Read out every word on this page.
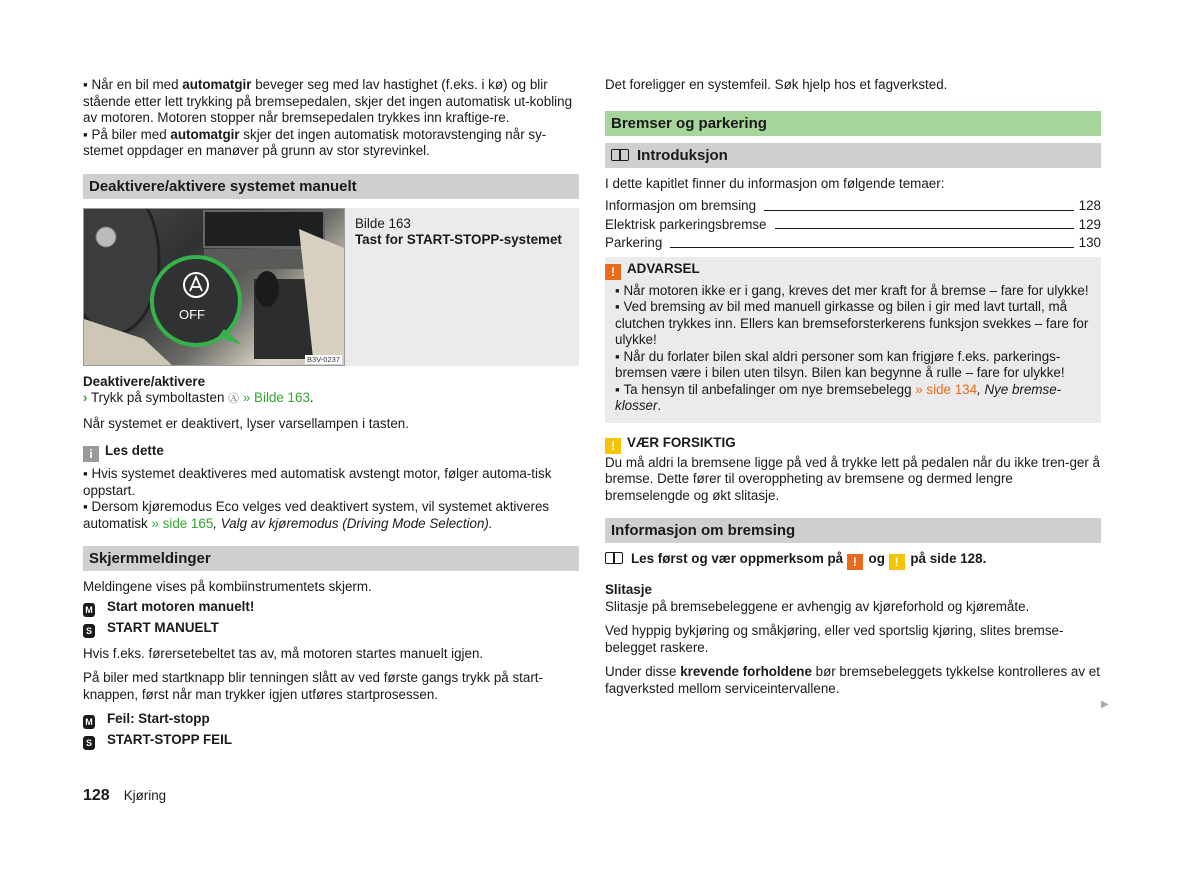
▪ Når en bil med automatgir beveger seg med lav hastighet (f.eks. i kø) og blir stående etter lett trykking på bremsepedalen, skjer det ingen automatisk ut-kobling av motoren. Motoren stopper når bremsepedalen trykkes inn kraftige-re.

▪ På biler med automatgir skjer det ingen automatisk motoravstenging når sy-stemet oppdager en manøver på grunn av stor styrevinkel.

Deaktivere/aktivere systemet manuelt
OFF
B3V-0237
Bilde 163
Tast for START-STOPP-systemet

Deaktivere/aktivere

› Trykk på symboltasten Ⓐ » Bilde 163.

Når systemet er deaktivert, lyser varsellampen i tasten.

i Les dette

▪ Hvis systemet deaktiveres med automatisk avstengt motor, følger automa-tisk oppstart.

▪ Dersom kjøremodus Eco velges ved deaktivert system, vil systemet aktiveres automatisk » side 165, Valg av kjøremodus (Driving Mode Selection).

Skjermmeldinger

Meldingene vises på kombiinstrumentets skjerm.

M Start motoren manuelt!

S START MANUELT

Hvis f.eks. førersetebeltet tas av, må motoren startes manuelt igjen.

På biler med startknapp blir tenningen slått av ved første gangs trykk på start-knappen, først når man trykker igjen utføres startprosessen.

M Feil: Start-stopp

S START-STOPP FEIL

Det foreligger en systemfeil. Søk hjelp hos et fagverksted.

Bremser og parkering
Introduksjon

I dette kapitlet finner du informasjon om følgende temaer:

Informasjon om bremsing	128
Elektrisk parkeringsbremse	129
Parkering	130

! ADVARSEL

▪ Når motoren ikke er i gang, kreves det mer kraft for å bremse – fare for ulykke!

▪ Ved bremsing av bil med manuell girkasse og bilen i gir med lavt turtall, må clutchen trykkes inn. Ellers kan bremseforsterkerens funksjon svekkes – fare for ulykke!

▪ Når du forlater bilen skal aldri personer som kan frigjøre f.eks. parkerings-bremsen være i bilen uten tilsyn. Bilen kan begynne å rulle – fare for ulykke!

▪ Ta hensyn til anbefalinger om nye bremsebelegg » side 134, Nye bremse-klosser.

! VÆR FORSIKTIG

Du må aldri la bremsene ligge på ved å trykke lett på pedalen når du ikke tren-ger å bremse. Dette fører til overoppheting av bremsene og dermed lengre bremselengde og økt slitasje.

Informasjon om bremsing

Les først og vær oppmerksom på ! og ! på side 128.

Slitasje

Slitasje på bremsebeleggene er avhengig av kjøreforhold og kjøremåte.

Ved hyppig bykjøring og småkjøring, eller ved sportslig kjøring, slites bremse-belegget raskere.

Under disse krevende forholdene bør bremsebeleggets tykkelse kontrolleres av et fagverksted mellom serviceintervallene.

▶
128 Kjøring
